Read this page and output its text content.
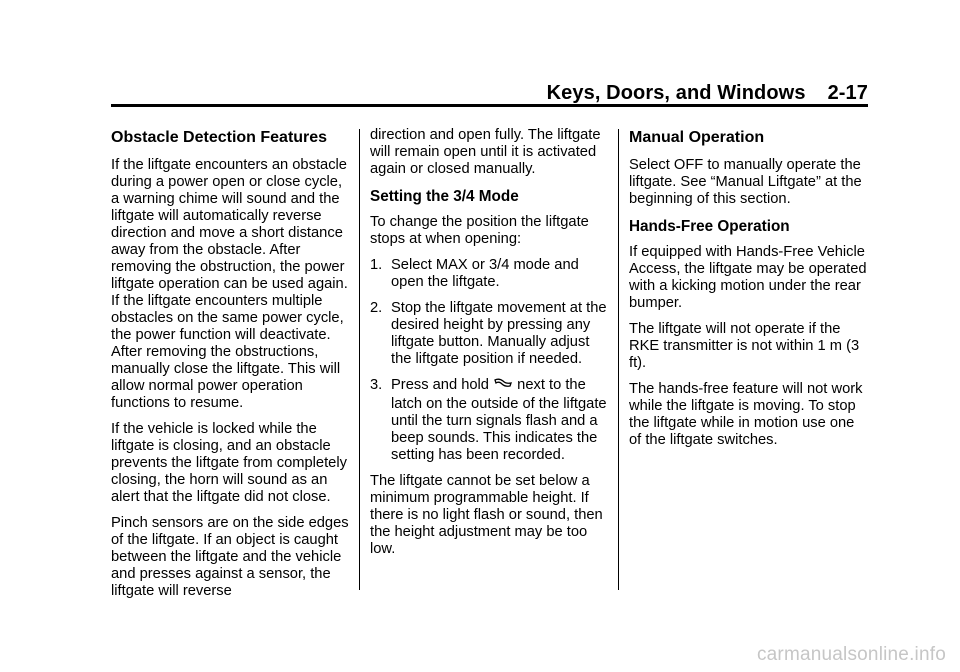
Keys, Doors, and Windows 2-17
Obstacle Detection Features

If the liftgate encounters an obstacle during a power open or close cycle, a warning chime will sound and the liftgate will automatically reverse direction and move a short distance away from the obstacle. After removing the obstruction, the power liftgate operation can be used again. If the liftgate encounters multiple obstacles on the same power cycle, the power function will deactivate. After removing the obstructions, manually close the liftgate. This will allow normal power operation functions to resume.

If the vehicle is locked while the liftgate is closing, and an obstacle prevents the liftgate from completely closing, the horn will sound as an alert that the liftgate did not close.

Pinch sensors are on the side edges of the liftgate. If an object is caught between the liftgate and the vehicle and presses against a sensor, the liftgate will reverse

direction and open fully. The liftgate will remain open until it is activated again or closed manually.

Setting the 3/4 Mode

To change the position the liftgate stops at when opening:

1. Select MAX or 3/4 mode and open the liftgate.
2. Stop the liftgate movement at the desired height by pressing any liftgate button. Manually adjust the liftgate position if needed.
3. Press and hold next to the latch on the outside of the liftgate until the turn signals flash and a beep sounds. This indicates the setting has been recorded.

The liftgate cannot be set below a minimum programmable height. If there is no light flash or sound, then the height adjustment may be too low.

Manual Operation

Select OFF to manually operate the liftgate. See “Manual Liftgate” at the beginning of this section.

Hands-Free Operation

If equipped with Hands-Free Vehicle Access, the liftgate may be operated with a kicking motion under the rear bumper.

The liftgate will not operate if the RKE transmitter is not within 1 m (3 ft).

The hands-free feature will not work while the liftgate is moving. To stop the liftgate while in motion use one of the liftgate switches.

carmanualsonline.info
